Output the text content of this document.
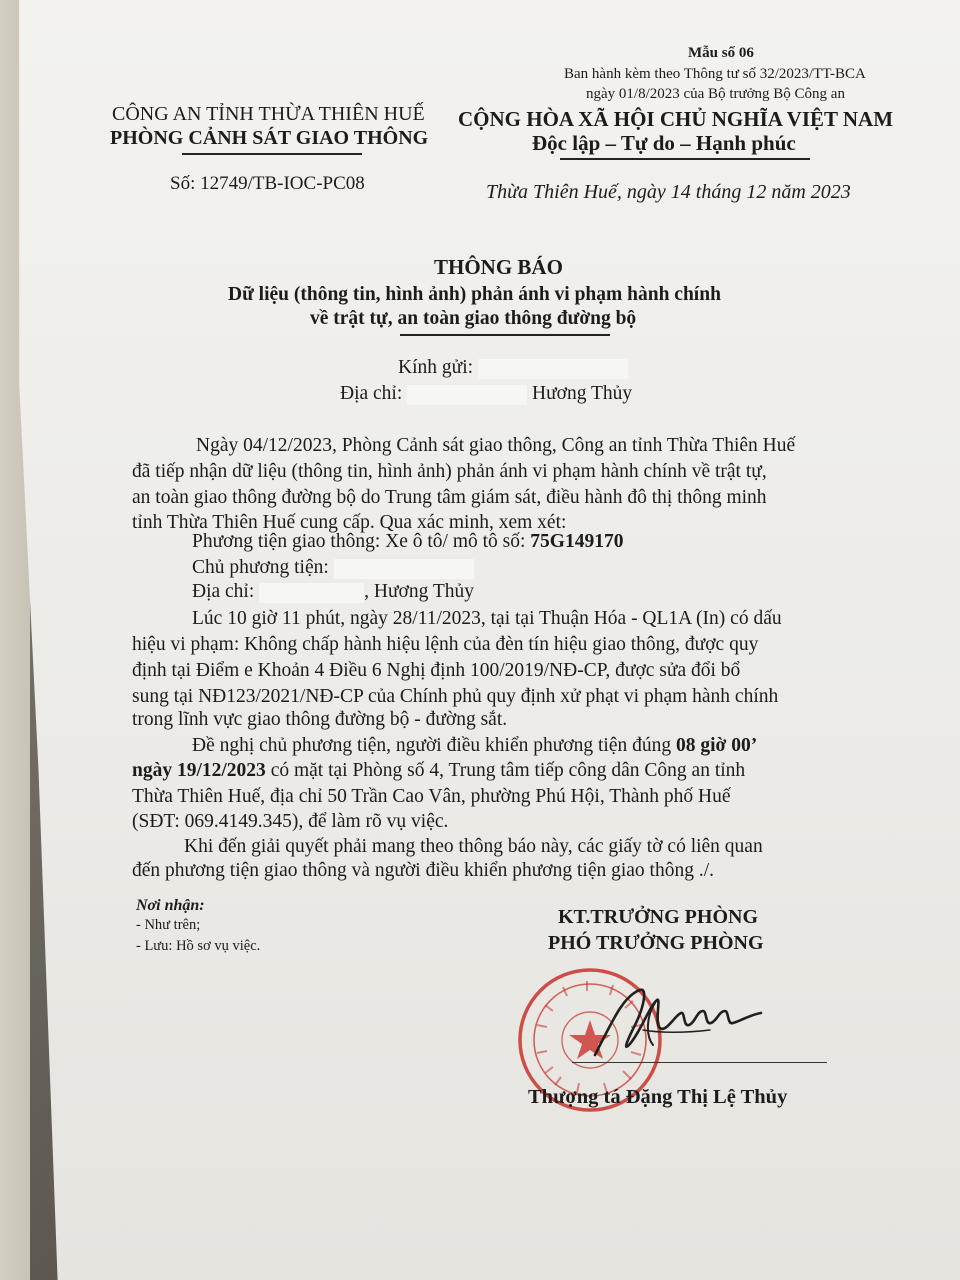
Mẫu số 06
Ban hành kèm theo Thông tư số 32/2023/TT-BCA
ngày 01/8/2023 của Bộ trưởng Bộ Công an
CÔNG AN TỈNH THỪA THIÊN HUẾ
PHÒNG CẢNH SÁT GIAO THÔNG
Số: 12749/TB-IOC-PC08
CỘNG HÒA XÃ HỘI CHỦ NGHĨA VIỆT NAM
Độc lập – Tự do – Hạnh phúc
Thừa Thiên Huế, ngày 14 tháng 12 năm 2023
THÔNG BÁO
Dữ liệu (thông tin, hình ảnh) phản ánh vi phạm hành chính
về trật tự, an toàn giao thông đường bộ
Kính gửi:
Địa chỉ:	Hương Thủy
Ngày 04/12/2023, Phòng Cảnh sát giao thông, Công an tỉnh Thừa Thiên Huế
đã tiếp nhận dữ liệu (thông tin, hình ảnh) phản ánh vi phạm hành chính về trật tự,
an toàn giao thông đường bộ do Trung tâm giám sát, điều hành đô thị thông minh
tỉnh Thừa Thiên Huế cung cấp. Qua xác minh, xem xét:
Phương tiện giao thông: Xe ô tô/ mô tô số: 75G149170
Chủ phương tiện:
Địa chỉ:	, Hương Thủy
Lúc 10 giờ 11 phút, ngày 28/11/2023, tại tại Thuận Hóa - QL1A (In) có dấu
hiệu vi phạm: Không chấp hành hiệu lệnh của đèn tín hiệu giao thông, được quy
định tại Điểm e Khoản 4 Điều 6 Nghị định 100/2019/NĐ-CP, được sửa đổi bổ
sung tại NĐ123/2021/NĐ-CP của Chính phủ quy định xử phạt vi phạm hành chính
trong lĩnh vực giao thông đường bộ - đường sắt.
Đề nghị chủ phương tiện, người điều khiển phương tiện đúng 08 giờ 00’
ngày 19/12/2023 có mặt tại Phòng số 4, Trung tâm tiếp công dân Công an tỉnh
Thừa Thiên Huế, địa chỉ 50 Trần Cao Vân, phường Phú Hội, Thành phố Huế
(SĐT: 069.4149.345), để làm rõ vụ việc.
Khi đến giải quyết phải mang theo thông báo này, các giấy tờ có liên quan
đến phương tiện giao thông và người điều khiển phương tiện giao thông ./.
Nơi nhận:
- Như trên;
- Lưu: Hồ sơ vụ việc.
KT.TRƯỞNG PHÒNG
PHÓ TRƯỞNG PHÒNG
Thượng tá Đặng Thị Lệ Thủy
